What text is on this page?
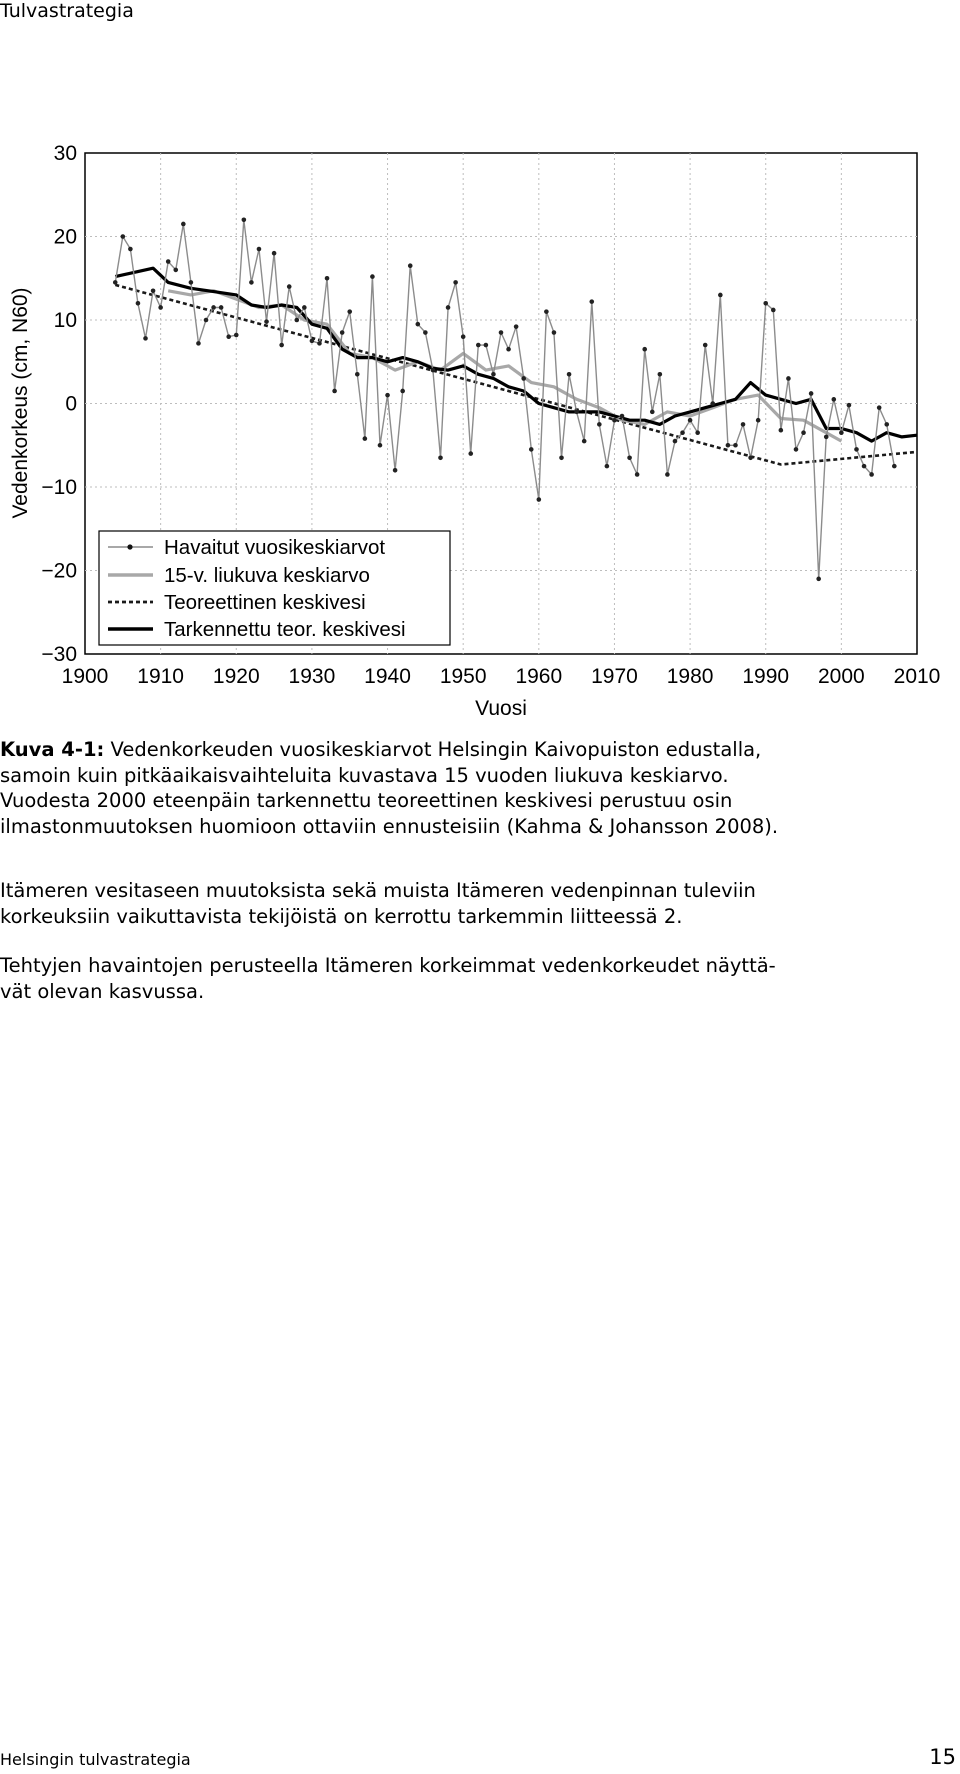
Tulvastrategia
1900 1910 1920 1930 1940 1950 1960 1970 1980 1990 2000 2010
30
20
10
0
−10
−20
−30
Vuosi
Vedenkorkeus (cm, N60)
Havaitut vuosikeskiarvot
15-v. liukuva keskiarvo
Teoreettinen keskivesi
Tarkennettu teor. keskivesi
Kuva 4-1: Vedenkorkeuden vuosikeskiarvot Helsingin Kaivopuiston edustalla,
samoin kuin pitkäaikaisvaihteluita kuvastava 15 vuoden liukuva keskiarvo.
Vuodesta 2000 eteenpäin tarkennettu teoreettinen keskivesi perustuu osin
ilmastonmuutoksen huomioon ottaviin ennusteisiin (Kahma & Johansson 2008).
Itämeren vesitaseen muutoksista sekä muista Itämeren vedenpinnan tuleviin
korkeuksiin vaikuttavista tekijöistä on kerrottu tarkemmin liitteessä 2.
Tehtyjen havaintojen perusteella Itämeren korkeimmat vedenkorkeudet näyttä-
vät olevan kasvussa.
Helsingin tulvastrategia	15
